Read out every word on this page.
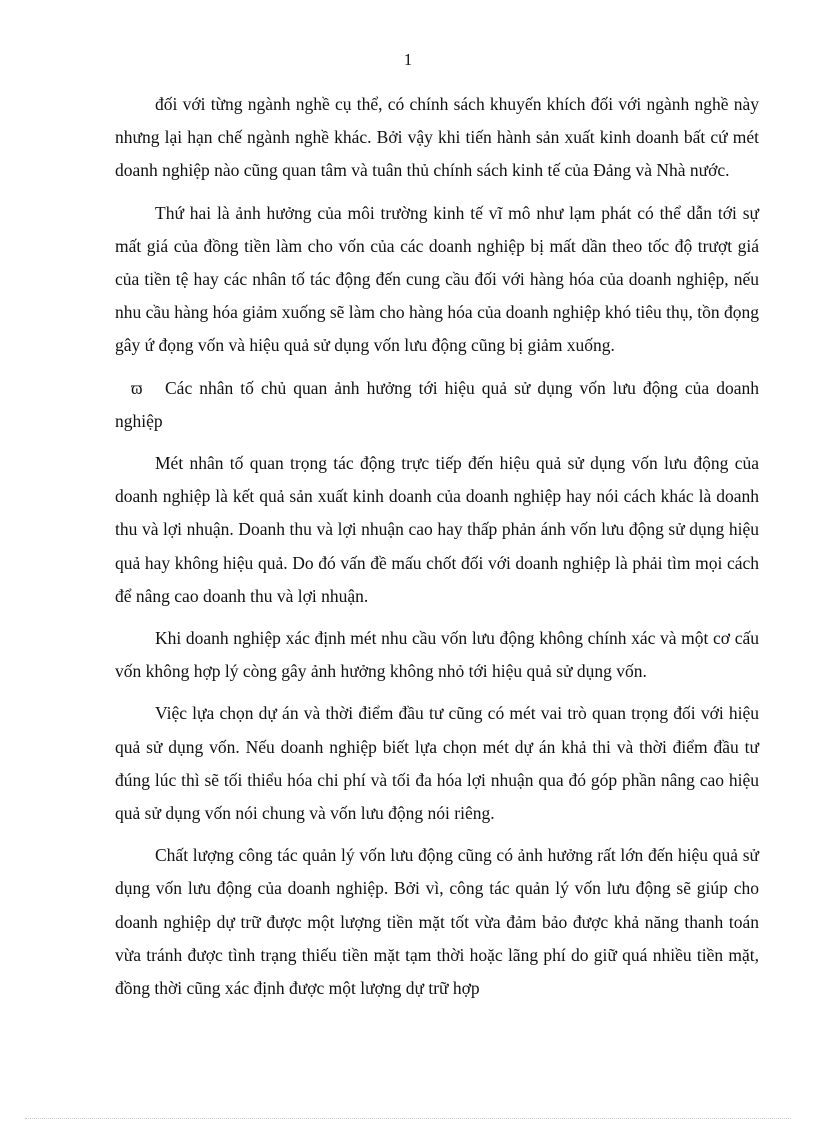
1

đối với từng ngành nghề cụ thể, có chính sách khuyến khích đối với ngành nghề này nhưng lại hạn chế ngành nghề khác. Bởi vậy khi tiến hành sản xuất kinh doanh bất cứ mét doanh nghiệp nào cũng quan tâm và tuân thủ chính sách kinh tế của Đảng và Nhà nước.

Thứ hai là ảnh hưởng của môi trường kinh tế vĩ mô như lạm phát có thể dẫn tới sự mất giá của đồng tiền làm cho vốn của các doanh nghiệp bị mất dần theo tốc độ trượt giá của tiền tệ hay các nhân tố tác động đến cung cầu đối với hàng hóa của doanh nghiệp, nếu nhu cầu hàng hóa giảm xuống sẽ làm cho hàng hóa của doanh nghiệp khó tiêu thụ, tồn đọng gây ứ đọng vốn và hiệu quả sử dụng vốn lưu động cũng bị giảm xuống.

ϖ Các nhân tố chủ quan ảnh hưởng tới hiệu quả sử dụng vốn lưu động của doanh nghiệp

Mét nhân tố quan trọng tác động trực tiếp đến hiệu quả sử dụng vốn lưu động của doanh nghiệp là kết quả sản xuất kinh doanh của doanh nghiệp hay nói cách khác là doanh thu và lợi nhuận. Doanh thu và lợi nhuận cao hay thấp phản ánh vốn lưu động sử dụng hiệu quả hay không hiệu quả. Do đó vấn đề mấu chốt đối với doanh nghiệp là phải tìm mọi cách để nâng cao doanh thu và lợi nhuận.

Khi doanh nghiệp xác định mét nhu cầu vốn lưu động không chính xác và một cơ cấu vốn không hợp lý còng gây ảnh hưởng không nhỏ tới hiệu quả sử dụng vốn.

Việc lựa chọn dự án và thời điểm đầu tư cũng có mét vai trò quan trọng đối với hiệu quả sử dụng vốn. Nếu doanh nghiệp biết lựa chọn mét dự án khả thi và thời điểm đầu tư đúng lúc thì sẽ tối thiểu hóa chi phí và tối đa hóa lợi nhuận qua đó góp phần nâng cao hiệu quả sử dụng vốn nói chung và vốn lưu động nói riêng.

Chất lượng công tác quản lý vốn lưu động cũng có ảnh hưởng rất lớn đến hiệu quả sử dụng vốn lưu động của doanh nghiệp. Bởi vì, công tác quản lý vốn lưu động sẽ giúp cho doanh nghiệp dự trữ được một lượng tiền mặt tốt vừa đảm bảo được khả năng thanh toán vừa tránh được tình trạng thiếu tiền mặt tạm thời hoặc lãng phí do giữ quá nhiều tiền mặt, đồng thời cũng xác định được một lượng dự trữ hợp
